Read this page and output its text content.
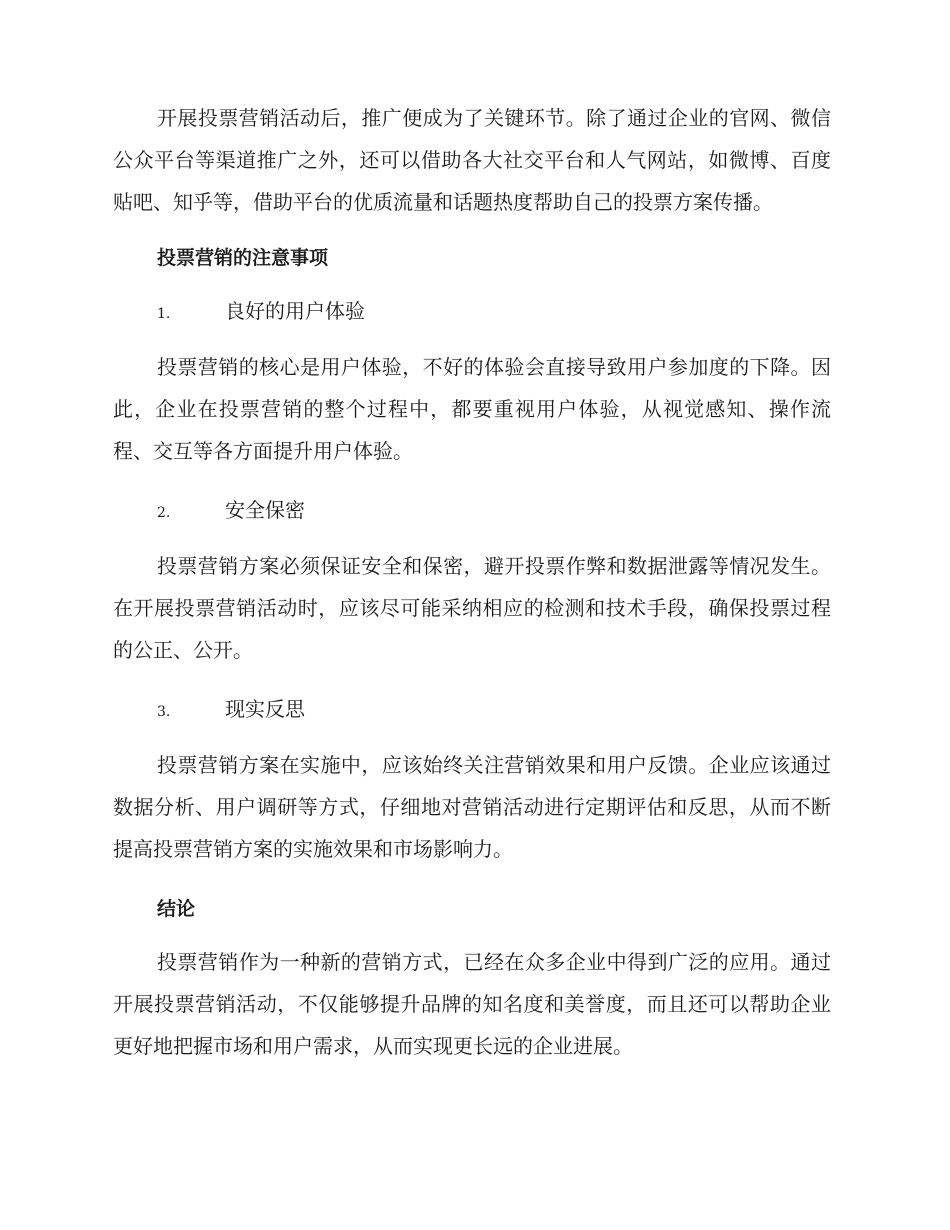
开展投票营销活动后，推广便成为了关键环节。除了通过企业的官网、微信公众平台等渠道推广之外，还可以借助各大社交平台和人气网站，如微博、百度贴吧、知乎等，借助平台的优质流量和话题热度帮助自己的投票方案传播。

投票营销的注意事项
1.	良好的用户体验

投票营销的核心是用户体验，不好的体验会直接导致用户参加度的下降。因此，企业在投票营销的整个过程中，都要重视用户体验，从视觉感知、操作流程、交互等各方面提升用户体验。

2.	安全保密

投票营销方案必须保证安全和保密，避开投票作弊和数据泄露等情况发生。在开展投票营销活动时，应该尽可能采纳相应的检测和技术手段，确保投票过程的公正、公开。

3.	现实反思

投票营销方案在实施中，应该始终关注营销效果和用户反馈。企业应该通过数据分析、用户调研等方式，仔细地对营销活动进行定期评估和反思，从而不断提高投票营销方案的实施效果和市场影响力。

结论

投票营销作为一种新的营销方式，已经在众多企业中得到广泛的应用。通过开展投票营销活动，不仅能够提升品牌的知名度和美誉度，而且还可以帮助企业更好地把握市场和用户需求，从而实现更长远的企业进展。
